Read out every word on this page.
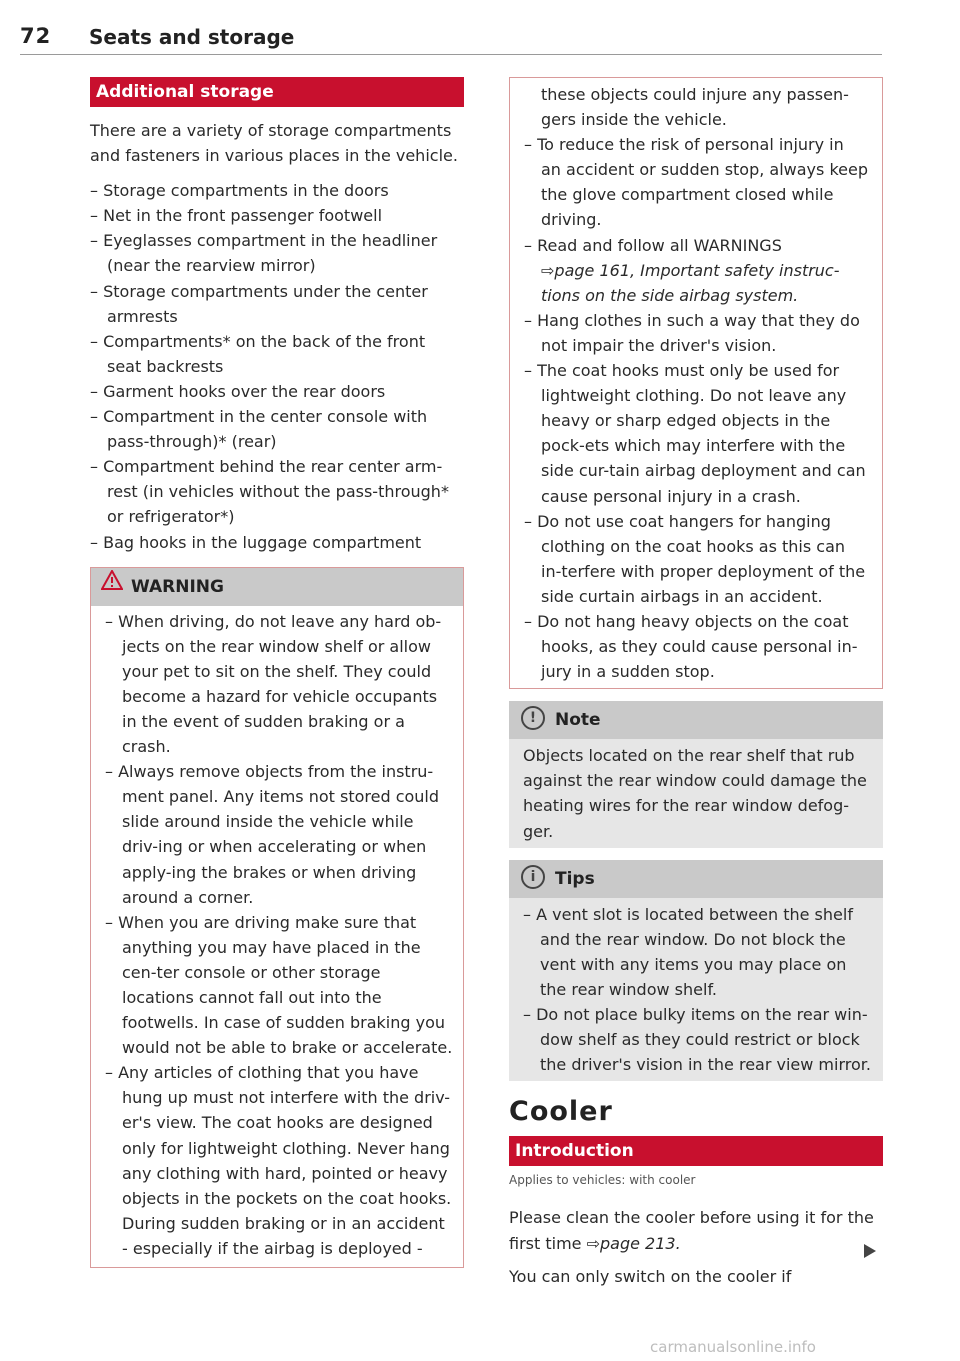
72 Seats and storage
Additional storage

There are a variety of storage compartments and fasteners in various places in the vehicle.

– Storage compartments in the doors
– Net in the front passenger footwell
– Eyeglasses compartment in the headliner (near the rearview mirror)
– Storage compartments under the center armrests
– Compartments* on the back of the front seat backrests
– Garment hooks over the rear doors
– Compartment in the center console with pass-through)* (rear)
– Compartment behind the rear center arm-rest (in vehicles without the pass-through* or refrigerator*)
– Bag hooks in the luggage compartment
WARNING
– When driving, do not leave any hard ob-jects on the rear window shelf or allow your pet to sit on the shelf. They could become a hazard for vehicle occupants in the event of sudden braking or a crash.
– Always remove objects from the instru-ment panel. Any items not stored could slide around inside the vehicle while driv-ing or when accelerating or when apply-ing the brakes or when driving around a corner.
– When you are driving make sure that anything you may have placed in the cen-ter console or other storage locations cannot fall out into the footwells. In case of sudden braking you would not be able to brake or accelerate.
– Any articles of clothing that you have hung up must not interfere with the driv-er's view. The coat hooks are designed only for lightweight clothing. Never hang any clothing with hard, pointed or heavy objects in the pockets on the coat hooks. During sudden braking or in an accident - especially if the airbag is deployed -

these objects could injure any passen-gers inside the vehicle.

– To reduce the risk of personal injury in an accident or sudden stop, always keep the glove compartment closed while driving.
– Read and follow all WARNINGS
⇨page 161, Important safety instruc-tions on the side airbag system.
– Hang clothes in such a way that they do not impair the driver's vision.
– The coat hooks must only be used for lightweight clothing. Do not leave any heavy or sharp edged objects in the pock-ets which may interfere with the side cur-tain airbag deployment and can cause personal injury in a crash.
– Do not use coat hangers for hanging clothing on the coat hooks as this can in-terfere with proper deployment of the side curtain airbags in an accident.
– Do not hang heavy objects on the coat hooks, as they could cause personal in-jury in a sudden stop.
! Note

Objects located on the rear shelf that rub against the rear window could damage the heating wires for the rear window defog-ger.

i Tips
– A vent slot is located between the shelf and the rear window. Do not block the vent with any items you may place on the rear window shelf.
– Do not place bulky items on the rear win-dow shelf as they could restrict or block the driver's vision in the rear view mirror.
Cooler
Introduction
Applies to vehicles: with cooler

Please clean the cooler before using it for the first time ⇨page 213.

You can only switch on the cooler if

carmanualsonline.info
